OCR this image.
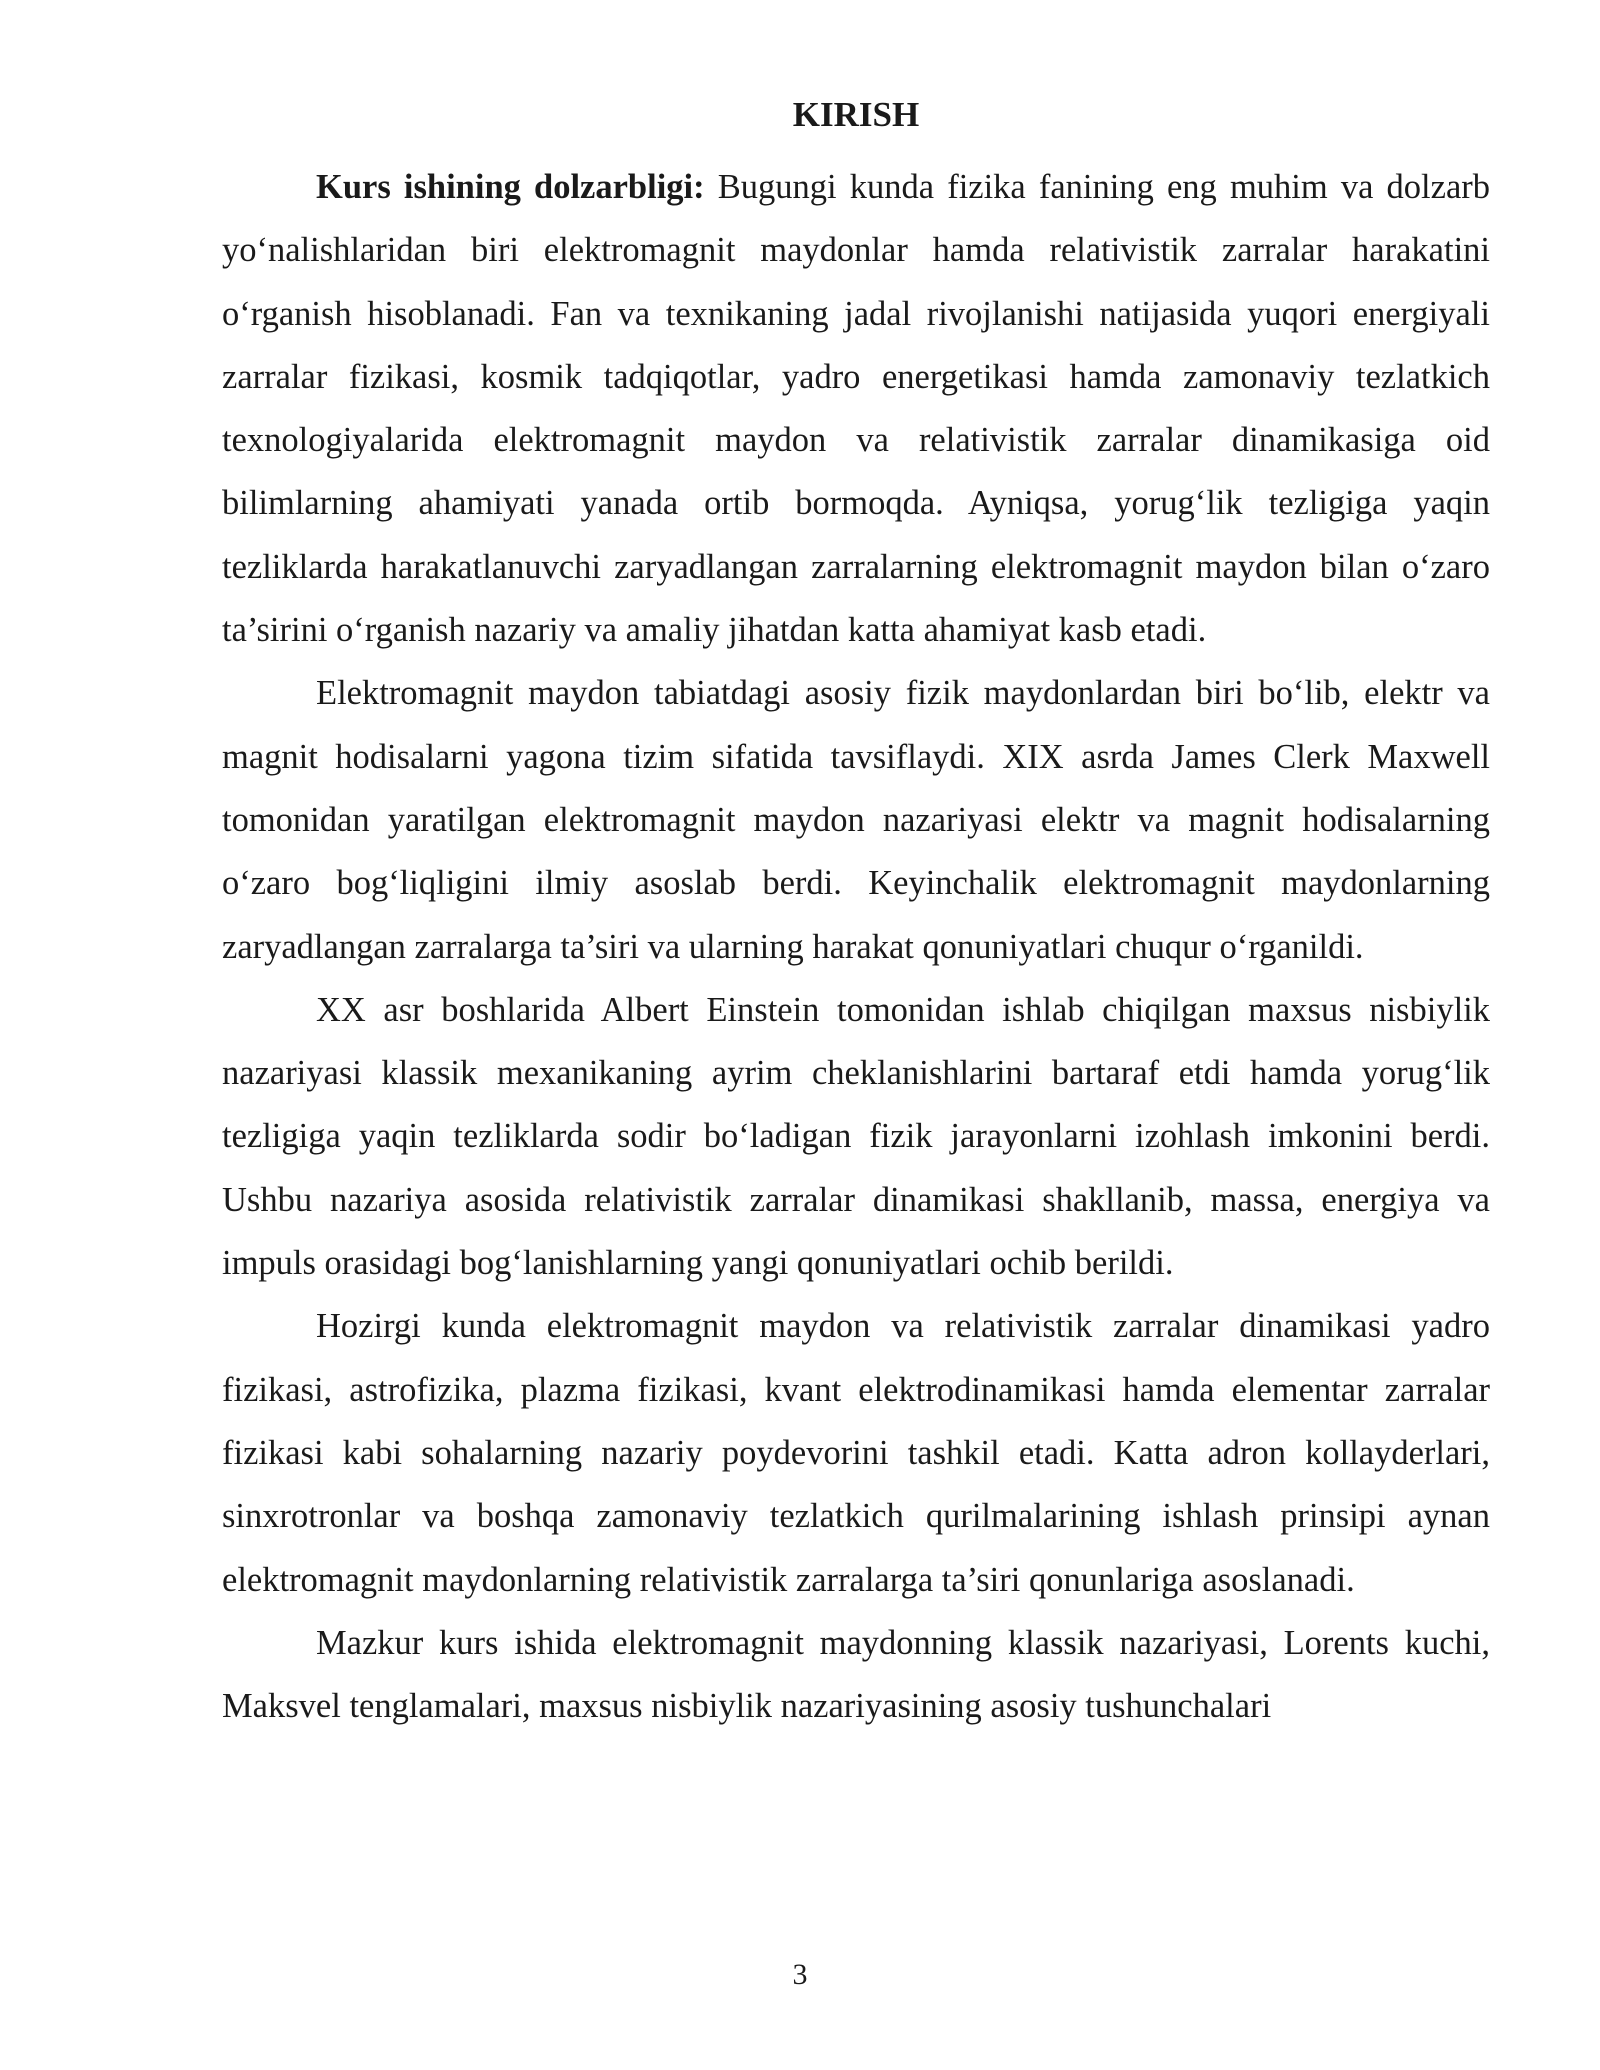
KIRISH

Kurs ishining dolzarbligi: Bugungi kunda fizika fanining eng muhim va dolzarb yo‘nalishlaridan biri elektromagnit maydonlar hamda relativistik zarralar harakatini o‘rganish hisoblanadi. Fan va texnikaning jadal rivojlanishi natijasida yuqori energiyali zarralar fizikasi, kosmik tadqiqotlar, yadro energetikasi hamda zamonaviy tezlatkich texnologiyalarida elektromagnit maydon va relativistik zarralar dinamikasiga oid bilimlarning ahamiyati yanada ortib bormoqda. Ayniqsa, yorug‘lik tezligiga yaqin tezliklarda harakatlanuvchi zaryadlangan zarralarning elektromagnit maydon bilan o‘zaro ta’sirini o‘rganish nazariy va amaliy jihatdan katta ahamiyat kasb etadi.

Elektromagnit maydon tabiatdagi asosiy fizik maydonlardan biri bo‘lib, elektr va magnit hodisalarni yagona tizim sifatida tavsiflaydi. XIX asrda James Clerk Maxwell tomonidan yaratilgan elektromagnit maydon nazariyasi elektr va magnit hodisalarning o‘zaro bog‘liqligini ilmiy asoslab berdi. Keyinchalik elektromagnit maydonlarning zaryadlangan zarralarga ta’siri va ularning harakat qonuniyatlari chuqur o‘rganildi.

XX asr boshlarida Albert Einstein tomonidan ishlab chiqilgan maxsus nisbiylik nazariyasi klassik mexanikaning ayrim cheklanishlarini bartaraf etdi hamda yorug‘lik tezligiga yaqin tezliklarda sodir bo‘ladigan fizik jarayonlarni izohlash imkonini berdi. Ushbu nazariya asosida relativistik zarralar dinamikasi shakllanib, massa, energiya va impuls orasidagi bog‘lanishlarning yangi qonuniyatlari ochib berildi.

Hozirgi kunda elektromagnit maydon va relativistik zarralar dinamikasi yadro fizikasi, astrofizika, plazma fizikasi, kvant elektrodinamikasi hamda elementar zarralar fizikasi kabi sohalarning nazariy poydevorini tashkil etadi. Katta adron kollayderlari, sinxrotronlar va boshqa zamonaviy tezlatkich qurilmalarining ishlash prinsipi aynan elektromagnit maydonlarning relativistik zarralarga ta’siri qonunlariga asoslanadi.

Mazkur kurs ishida elektromagnit maydonning klassik nazariyasi, Lorents kuchi, Maksvel tenglamalari, maxsus nisbiylik nazariyasining asosiy tushunchalari

3
